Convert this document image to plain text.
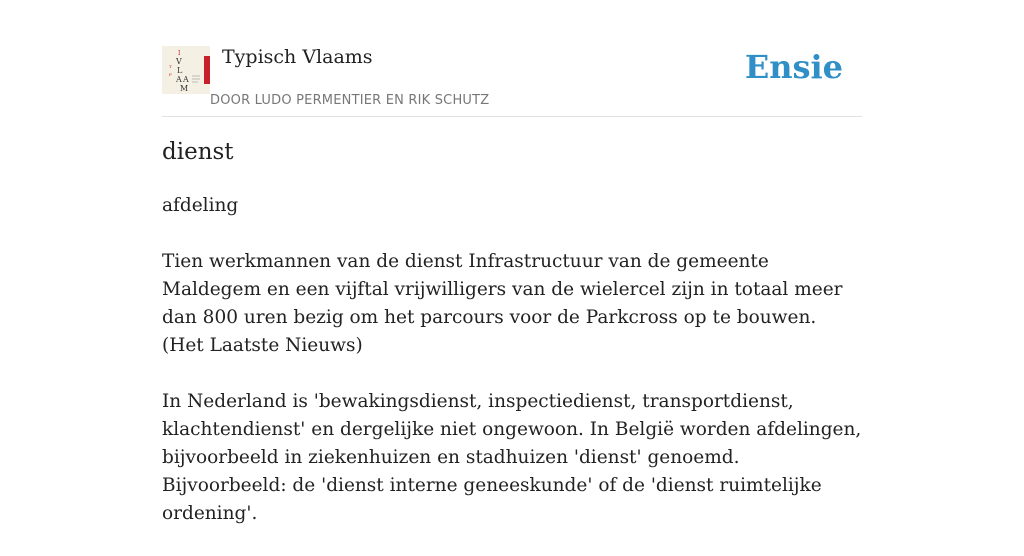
I
V
L
A A
M
T
P
Typisch Vlaams
DOOR LUDO PERMENTIER EN RIK SCHUTZ
Ensie
dienst

afdeling

Tien werkmannen van de dienst Infrastructuur van de gemeente Maldegem en een vijftal vrijwilligers van de wielercel zijn in totaal meer dan 800 uren bezig om het parcours voor de Parkcross op te bouwen.
(Het Laatste Nieuws)

In Nederland is 'bewakingsdienst, inspectiedienst, transportdienst, klachtendienst' en dergelijke niet ongewoon. In België worden afdelingen, bijvoorbeeld in ziekenhuizen en stadhuizen 'dienst' genoemd. Bijvoorbeeld: de 'dienst interne geneeskunde' of de 'dienst ruimtelijke ordening'.
